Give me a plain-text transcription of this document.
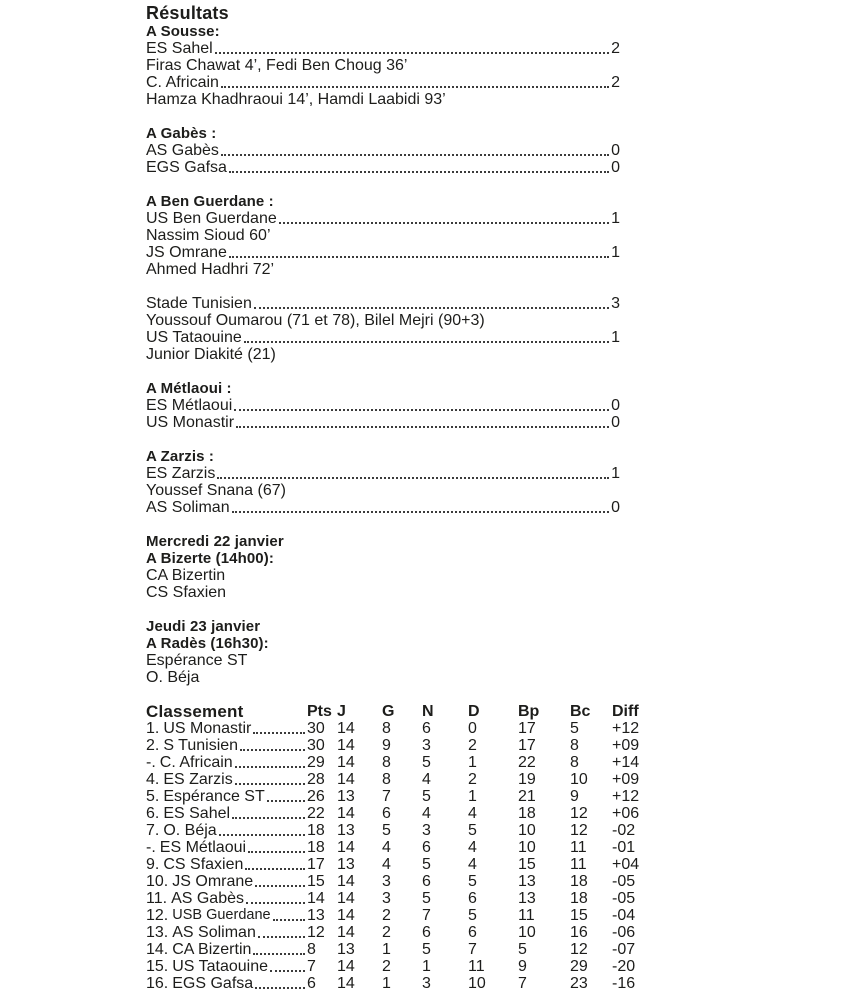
Résultats
A Sousse:
ES Sahel	2
Firas Chawat 4’, Fedi Ben Choug 36’
C. Africain	2
Hamza Khadhraoui 14’, Hamdi Laabidi 93’
A Gabès :
AS Gabès	0
EGS Gafsa	0
A Ben Guerdane :
US Ben Guerdane	1
Nassim Sioud 60’
JS Omrane	1
Ahmed Hadhri 72’
Stade Tunisien	3
Youssouf Oumarou (71 et 78), Bilel Mejri (90+3)
US Tataouine	1
Junior Diakité (21)
A Métlaoui :
ES Métlaoui	0
US Monastir	0
A Zarzis :
ES Zarzis	1
Youssef Snana (67)
AS Soliman	0
Mercredi 22 janvier
A Bizerte (14h00):
CA Bizertin
CS Sfaxien
Jeudi 23 janvier
A Radès (16h30):
Espérance ST
O. Béja
Classement	Pts J	G	N	D	Bp	Bc	Diff
1. US Monastir	30 14	8	6	0	17	5	+12
2. S Tunisien	30 14	9	3	2	17	8	+09
-. C. Africain	29 14	8	5	1	22	8	+14
4. ES Zarzis	28 14	8	4	2	19	10	+09
5. Espérance ST	26 13	7	5	1	21	9	+12
6. ES Sahel	22 14	6	4	4	18	12	+06
7. O. Béja	18 13	5	3	5	10	12	-02
-. ES Métlaoui	18 14	4	6	4	10	11	-01
9. CS Sfaxien	17 13	4	5	4	15	11	+04
10. JS Omrane	15 14	3	6	5	13	18	-05
11. AS Gabès	14 14	3	5	6	13	18	-05
12. USB Guerdane 13 14	2	7	5	11	15	-04
13. AS Soliman	12 14	2	6	6	10	16	-06
14. CA Bizertin	8	13	1	5	7	5	12	-07
15. US Tataouine 7	14	2	1	11	9	29	-20
16. EGS Gafsa	6	14	1	3	10	7	23	-16
